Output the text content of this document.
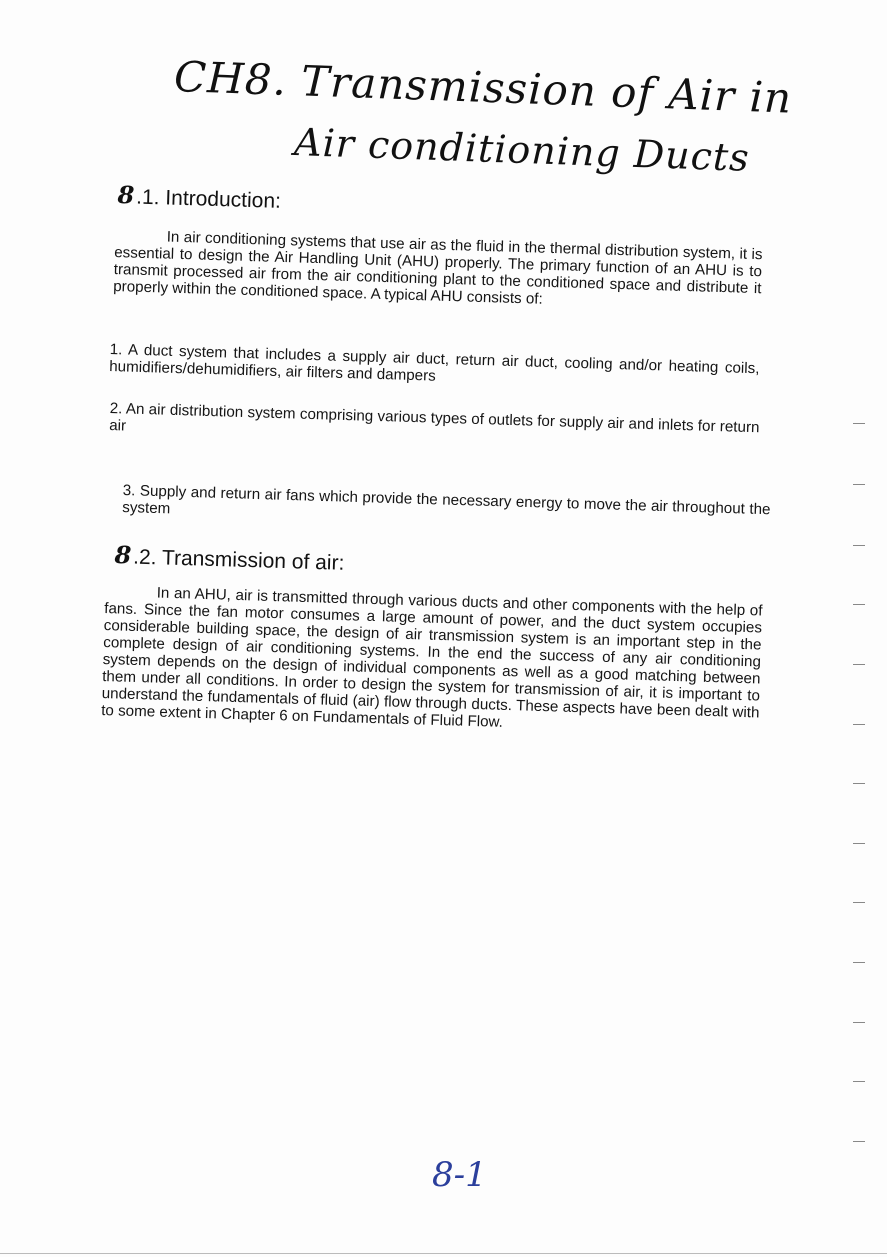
CH8. Transmission of Air in
Air conditioning Ducts
8.1. Introduction:
In air conditioning systems that use air as the fluid in the thermal distribution system, it is essential to design the Air Handling Unit (AHU) properly. The primary function of an AHU is to transmit processed air from the air conditioning plant to the conditioned space and distribute it properly within the conditioned space. A typical AHU consists of:
1. A duct system that includes a supply air duct, return air duct, cooling and/or heating coils, humidifiers/dehumidifiers, air filters and dampers
2. An air distribution system comprising various types of outlets for supply air and inlets for return air
3. Supply and return air fans which provide the necessary energy to move the air throughout the system
8.2. Transmission of air:
In an AHU, air is transmitted through various ducts and other components with the help of fans. Since the fan motor consumes a large amount of power, and the duct system occupies considerable building space, the design of air transmission system is an important step in the complete design of air conditioning systems. In the end the success of any air conditioning system depends on the design of individual components as well as a good matching between them under all conditions. In order to design the system for transmission of air, it is important to understand the fundamentals of fluid (air) flow through ducts. These aspects have been dealt with to some extent in Chapter 6 on Fundamentals of Fluid Flow.
8-1
